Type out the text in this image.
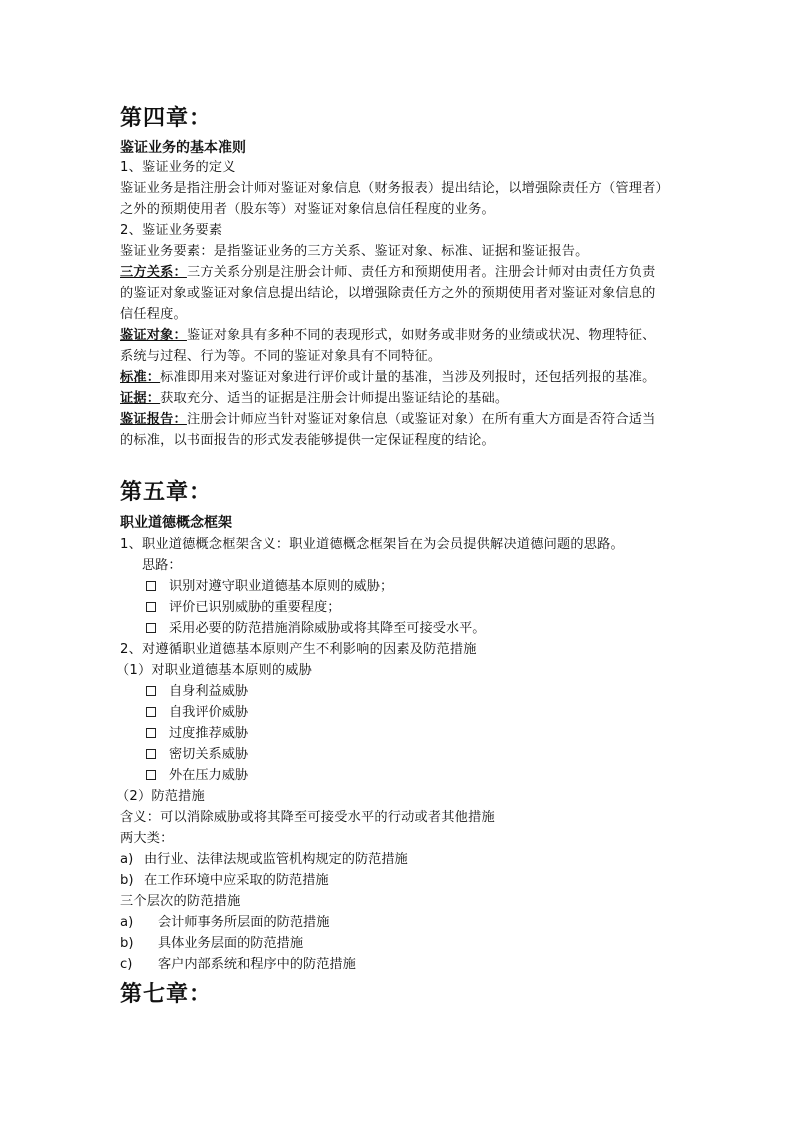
第四章：
鉴证业务的基本准则
1、鉴证业务的定义
鉴证业务是指注册会计师对鉴证对象信息（财务报表）提出结论，以增强除责任方（管理者）
之外的预期使用者（股东等）对鉴证对象信息信任程度的业务。
2、鉴证业务要素
鉴证业务要素：是指鉴证业务的三方关系、鉴证对象、标准、证据和鉴证报告。
三方关系：三方关系分别是注册会计师、责任方和预期使用者。注册会计师对由责任方负责
的鉴证对象或鉴证对象信息提出结论，以增强除责任方之外的预期使用者对鉴证对象信息的
信任程度。
鉴证对象：鉴证对象具有多种不同的表现形式，如财务或非财务的业绩或状况、物理特征、
系统与过程、行为等。不同的鉴证对象具有不同特征。
标准：标准即用来对鉴证对象进行评价或计量的基准，当涉及列报时，还包括列报的基准。
证据：获取充分、适当的证据是注册会计师提出鉴证结论的基础。
鉴证报告：注册会计师应当针对鉴证对象信息（或鉴证对象）在所有重大方面是否符合适当
的标准，以书面报告的形式发表能够提供一定保证程度的结论。
第五章：
职业道德概念框架
1、职业道德概念框架含义：职业道德概念框架旨在为会员提供解决道德问题的思路。
思路：
识别对遵守职业道德基本原则的威胁；
评价已识别威胁的重要程度；
采用必要的防范措施消除威胁或将其降至可接受水平。
2、对遵循职业道德基本原则产生不利影响的因素及防范措施
（1）对职业道德基本原则的威胁
自身利益威胁
自我评价威胁
过度推荐威胁
密切关系威胁
外在压力威胁
（2）防范措施
含义：可以消除威胁或将其降至可接受水平的行动或者其他措施
两大类：
a) 由行业、法律法规或监管机构规定的防范措施
b) 在工作环境中应采取的防范措施
三个层次的防范措施
a) 会计师事务所层面的防范措施
b) 具体业务层面的防范措施
c) 客户内部系统和程序中的防范措施
第七章：
